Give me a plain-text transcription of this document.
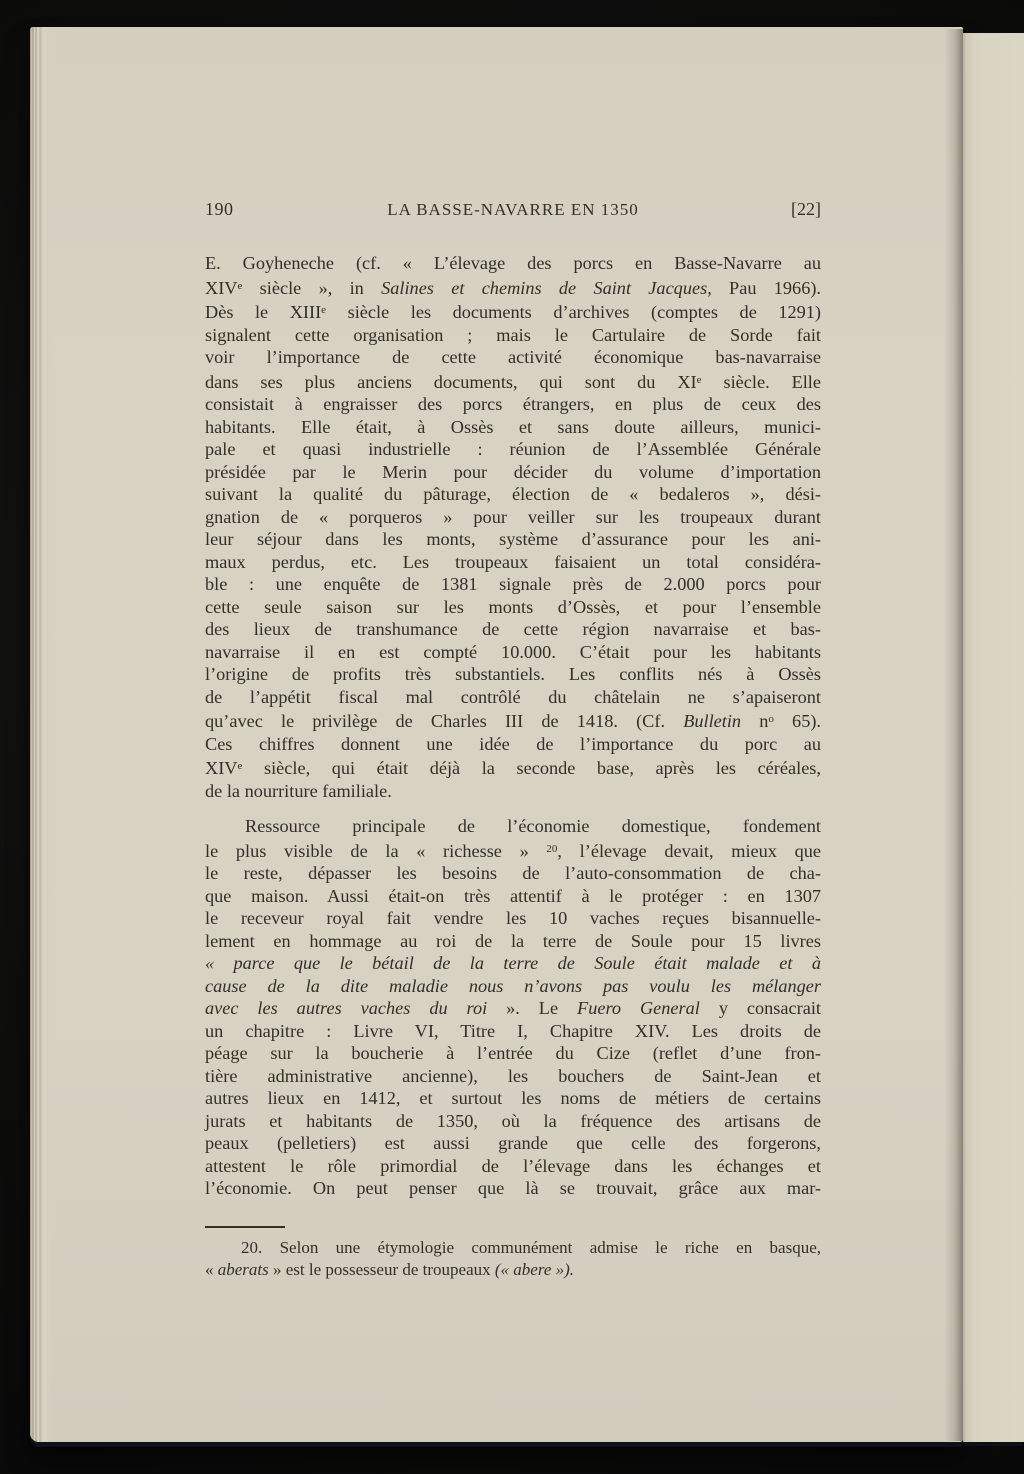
190	LA BASSE-NAVARRE EN 1350	[22]
E. Goyheneche (cf. « L’élevage des porcs en Basse-Navarre au
XIVe siècle », in Salines et chemins de Saint Jacques, Pau 1966).
Dès le XIIIe siècle les documents d’archives (comptes de 1291)
signalent cette organisation ; mais le Cartulaire de Sorde fait
voir l’importance de cette activité économique bas-navarraise
dans ses plus anciens documents, qui sont du XIe siècle. Elle
consistait à engraisser des porcs étrangers, en plus de ceux des
habitants. Elle était, à Ossès et sans doute ailleurs, munici-
pale et quasi industrielle : réunion de l’Assemblée Générale
présidée par le Merin pour décider du volume d’importation
suivant la qualité du pâturage, élection de « bedaleros », dési-
gnation de « porqueros » pour veiller sur les troupeaux durant
leur séjour dans les monts, système d’assurance pour les ani-
maux perdus, etc. Les troupeaux faisaient un total considéra-
ble : une enquête de 1381 signale près de 2.000 porcs pour
cette seule saison sur les monts d’Ossès, et pour l’ensemble
des lieux de transhumance de cette région navarraise et bas-
navarraise il en est compté 10.000. C’était pour les habitants
l’origine de profits très substantiels. Les conflits nés à Ossès
de l’appétit fiscal mal contrôlé du châtelain ne s’apaiseront
qu’avec le privilège de Charles III de 1418. (Cf. Bulletin $n^o$ 65).
Ces chiffres donnent une idée de l’importance du porc au
XIVe siècle, qui était déjà la seconde base, après les céréales,
de la nourriture familiale.
Ressource principale de l’économie domestique, fondement
le plus visible de la « richesse » $^{20}$, l’élevage devait, mieux que
le reste, dépasser les besoins de l’auto-consommation de cha-
que maison. Aussi était-on très attentif à le protéger : en 1307
le receveur royal fait vendre les 10 vaches reçues bisannuelle-
lement en hommage au roi de la terre de Soule pour 15 livres
« parce que le bétail de la terre de Soule était malade et à
cause de la dite maladie nous n’avons pas voulu les mélanger
avec les autres vaches du roi ». Le Fuero General y consacrait
un chapitre : Livre VI, Titre I, Chapitre XIV. Les droits de
péage sur la boucherie à l’entrée du Cize (reflet d’une fron-
tière administrative ancienne), les bouchers de Saint-Jean et
autres lieux en 1412, et surtout les noms de métiers de certains
jurats et habitants de 1350, où la fréquence des artisans de
peaux (pelletiers) est aussi grande que celle des forgerons,
attestent le rôle primordial de l’élevage dans les échanges et
l’économie. On peut penser que là se trouvait, grâce aux mar-
20. Selon une étymologie communément admise le riche en basque,
« aberats » est le possesseur de troupeaux (« abere »).
